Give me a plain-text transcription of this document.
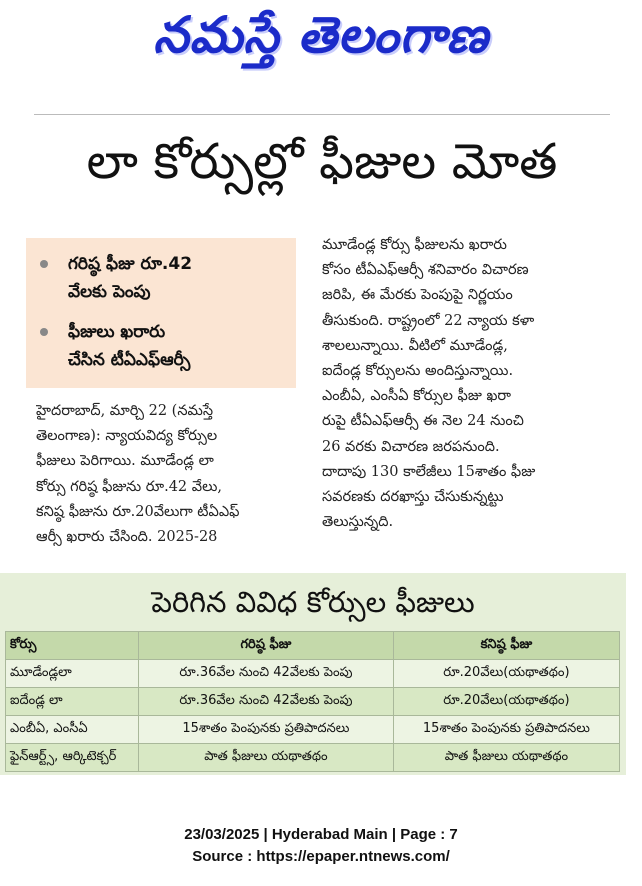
నమస్తే తెలంగాణ
లా కోర్సుల్లో ఫీజుల మోత
గరిష్ఠ ఫీజు రూ.42
వేలకు పెంపు
ఫీజులు ఖరారు
చేసిన టీఏఎఫ్‌ఆర్సీ
హైదరాబాద్, మార్చి 22 (నమస్తే
తెలంగాణ): న్యాయవిద్య కోర్సుల
ఫీజులు పెరిగాయి. మూడేండ్ల లా
కోర్సు గరిష్ఠ ఫీజును రూ.42 వేలు,
కనిష్ఠ ఫీజును రూ.20వేలుగా టీఏఎఫ్
ఆర్సీ ఖరారు చేసింది. 2025-28
మూడేండ్ల కోర్సు ఫీజులను ఖరారు
కోసం టీఏఎఫ్‌ఆర్సీ శనివారం విచారణ
జరిపి, ఈ మేరకు పెంపుపై నిర్ణయం
తీసుకుంది. రాష్ట్రంలో 22 న్యాయ కళా
శాలలున్నాయి. వీటిలో మూడేండ్ల,
ఐదేండ్ల కోర్సులను అందిస్తున్నాయి.
ఎంబీఏ, ఎంసీఏ కోర్సుల ఫీజు ఖరా
రుపై టీఏఎఫ్‌ఆర్సీ ఈ నెల 24 నుంచి
26 వరకు విచారణ జరపనుంది.
దాదాపు 130 కాలేజీలు 15శాతం ఫీజు
సవరణకు దరఖాస్తు చేసుకున్నట్టు
తెలుస్తున్నది.
పెరిగిన వివిధ కోర్సుల ఫీజులు
కోర్సు	గరిష్ఠ ఫీజు	కనిష్ఠ ఫీజు
మూడేండ్లలా	రూ.36వేల నుంచి 42వేలకు పెంపు	రూ.20వేలు(యథాతథం)
ఐదేండ్ల లా	రూ.36వేల నుంచి 42వేలకు పెంపు	రూ.20వేలు(యథాతథం)
ఎంబీఏ, ఎంసీఏ	15శాతం పెంపునకు ప్రతిపాదనలు	15శాతం పెంపునకు ప్రతిపాదనలు
ఫైన్‌ఆర్ట్స్, ఆర్కిటెక్చర్	పాత ఫీజులు యథాతథం	పాత ఫీజులు యథాతథం
23/03/2025 | Hyderabad Main | Page : 7
Source : https://epaper.ntnews.com/
